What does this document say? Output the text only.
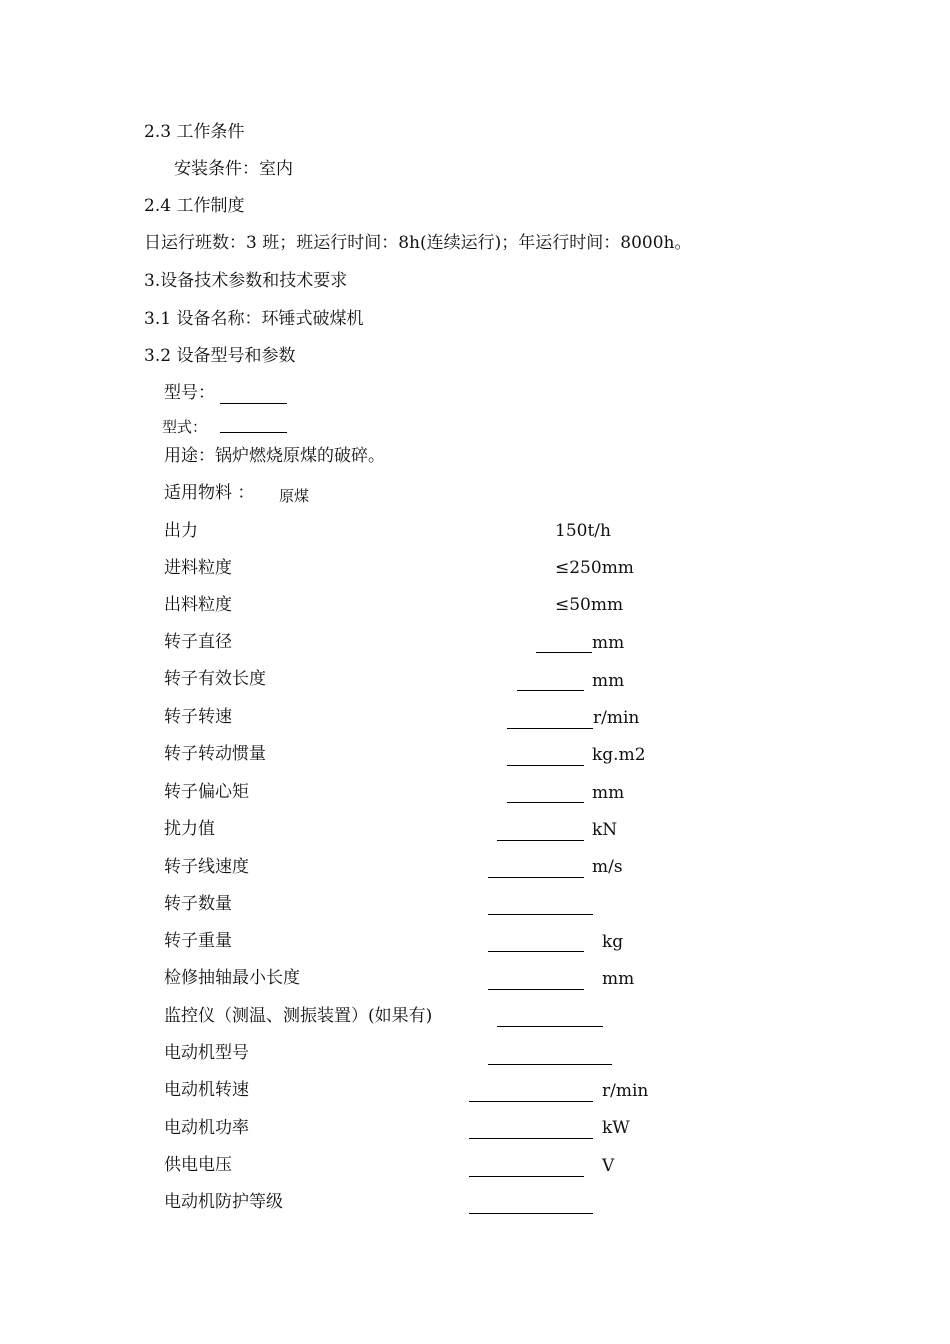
2.3 工作条件
安装条件：室内
2.4 工作制度
日运行班数：3 班；班运行时间：8h(连续运行)；年运行时间：8000h。
3.设备技术参数和技术要求
3.1 设备名称：环锤式破煤机
3.2 设备型号和参数
型号：
型式：
用途：锅炉燃烧原煤的破碎。
适用物料 ： 原煤
出力	150t/h
进料粒度	≤250mm
出料粒度	≤50mm
转子直径	mm
转子有效长度	mm
转子转速	r/min
转子转动惯量	kg.m2
转子偏心矩	mm
扰力值	kN
转子线速度	m/s
转子数量
转子重量	kg
检修抽轴最小长度	mm
监控仪（测温、测振装置）(如果有)
电动机型号
电动机转速	r/min
电动机功率	kW
供电电压	V
电动机防护等级
